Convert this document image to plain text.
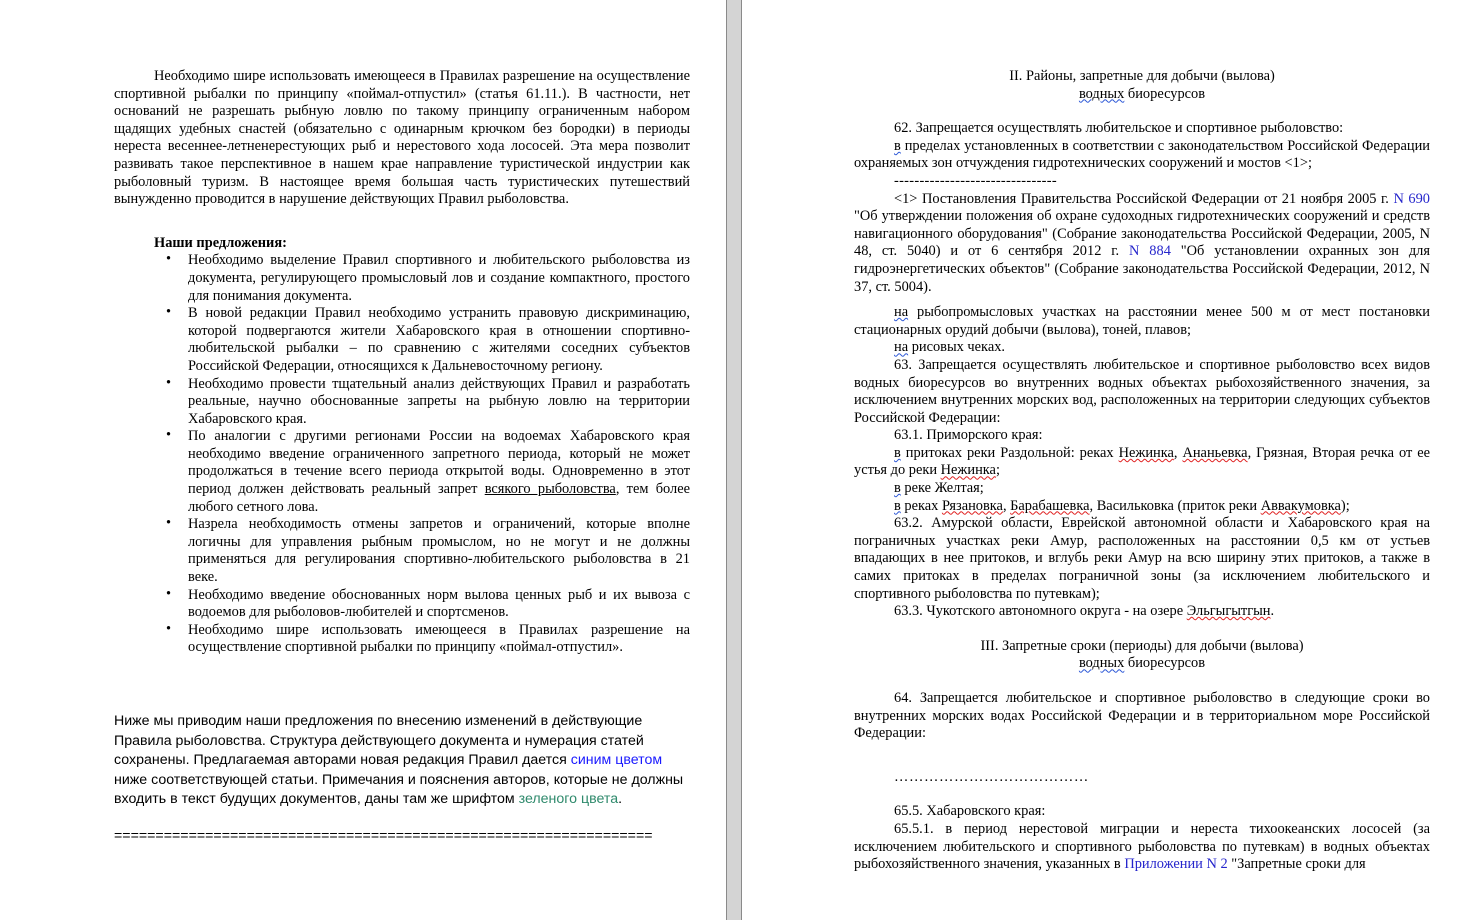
Необходимо шире использовать имеющееся в Правилах разрешение на осуществление спортивной рыбалки по принципу «поймал-отпустил» (статья 61.11.). В частности, нет оснований не разрешать рыбную ловлю по такому принципу ограниченным набором щадящих удебных снастей (обязательно с одинарным крючком без бородки) в периоды нереста весеннее-летненерестующих рыб и нерестового хода лососей. Эта мера позволит развивать такое перспективное в нашем крае направление туристической индустрии как рыболовный туризм. В настоящее время большая часть туристических путешествий вынужденно проводится в нарушение действующих Правил рыболовства.

Наши предложения:

• Необходимо выделение Правил спортивного и любительского рыболовства из документа, регулирующего промысловый лов и создание компактного, простого для понимания документа.
• В новой редакции Правил необходимо устранить правовую дискриминацию, которой подвергаются жители Хабаровского края в отношении спортивно-любительской рыбалки – по сравнению с жителями соседних субъектов Российской Федерации, относящихся к Дальневосточному региону.
• Необходимо провести тщательный анализ действующих Правил и разработать реальные, научно обоснованные запреты на рыбную ловлю на территории Хабаровского края.
• По аналогии с другими регионами России на водоемах Хабаровского края необходимо введение ограниченного запретного периода, который не может продолжаться в течение всего периода открытой воды. Одновременно в этот период должен действовать реальный запрет всякого рыболовства, тем более любого сетного лова.
• Назрела необходимость отмены запретов и ограничений, которые вполне логичны для управления рыбным промыслом, но не могут и не должны применяться для регулирования спортивно-любительского рыболовства в 21 веке.
• Необходимо введение обоснованных норм вылова ценных рыб и их вывоза с водоемов для рыболовов-любителей и спортсменов.
• Необходимо шире использовать имеющееся в Правилах разрешение на осуществление спортивной рыбалки по принципу «поймал-отпустил».

Ниже мы приводим наши предложения по внесению изменений в действующие Правила рыболовства. Структура действующего документа и нумерация статей сохранены. Предлагаемая авторами новая редакция Правил дается синим цветом ниже соответствующей статьи. Примечания и пояснения авторов, которые не должны входить в текст будущих документов, даны там же шрифтом зеленого цвета.

=================================================================

II. Районы, запретные для добычи (вылова)

водных биоресурсов

62. Запрещается осуществлять любительское и спортивное рыболовство:

в пределах установленных в соответствии с законодательством Российской Федерации охраняемых зон отчуждения гидротехнических сооружений и мостов <1>;

--------------------------------

<1> Постановления Правительства Российской Федерации от 21 ноября 2005 г. N 690 "Об утверждении положения об охране судоходных гидротехнических сооружений и средств навигационного оборудования" (Собрание законодательства Российской Федерации, 2005, N 48, ст. 5040) и от 6 сентября 2012 г. N 884 "Об установлении охранных зон для гидроэнергетических объектов" (Собрание законодательства Российской Федерации, 2012, N 37, ст. 5004).

на рыбопромысловых участках на расстоянии менее 500 м от мест постановки стационарных орудий добычи (вылова), тоней, плавов;

на рисовых чеках.

63. Запрещается осуществлять любительское и спортивное рыболовство всех видов водных биоресурсов во внутренних водных объектах рыбохозяйственного значения, за исключением внутренних морских вод, расположенных на территории следующих субъектов Российской Федерации:

63.1. Приморского края:

в притоках реки Раздольной: реках Нежинка, Ананьевка, Грязная, Вторая речка от ее устья до реки Нежинка;

в реке Желтая;

в реках Рязановка, Барабашевка, Васильковка (приток реки Аввакумовка);

63.2. Амурской области, Еврейской автономной области и Хабаровского края на пограничных участках реки Амур, расположенных на расстоянии 0,5 км от устьев впадающих в нее притоков, и вглубь реки Амур на всю ширину этих притоков, а также в самих притоках в пределах пограничной зоны (за исключением любительского и спортивного рыболовства по путевкам);

63.3. Чукотского автономного округа - на озере Эльгыгытгын.

III. Запретные сроки (периоды) для добычи (вылова)

водных биоресурсов

64. Запрещается любительское и спортивное рыболовство в следующие сроки во внутренних морских водах Российской Федерации и в территориальном море Российской Федерации:

…………………………………

65.5. Хабаровского края:

65.5.1. в период нерестовой миграции и нереста тихоокеанских лососей (за исключением любительского и спортивного рыболовства по путевкам) в водных объектах рыбохозяйственного значения, указанных в Приложении N 2 "Запретные сроки для
